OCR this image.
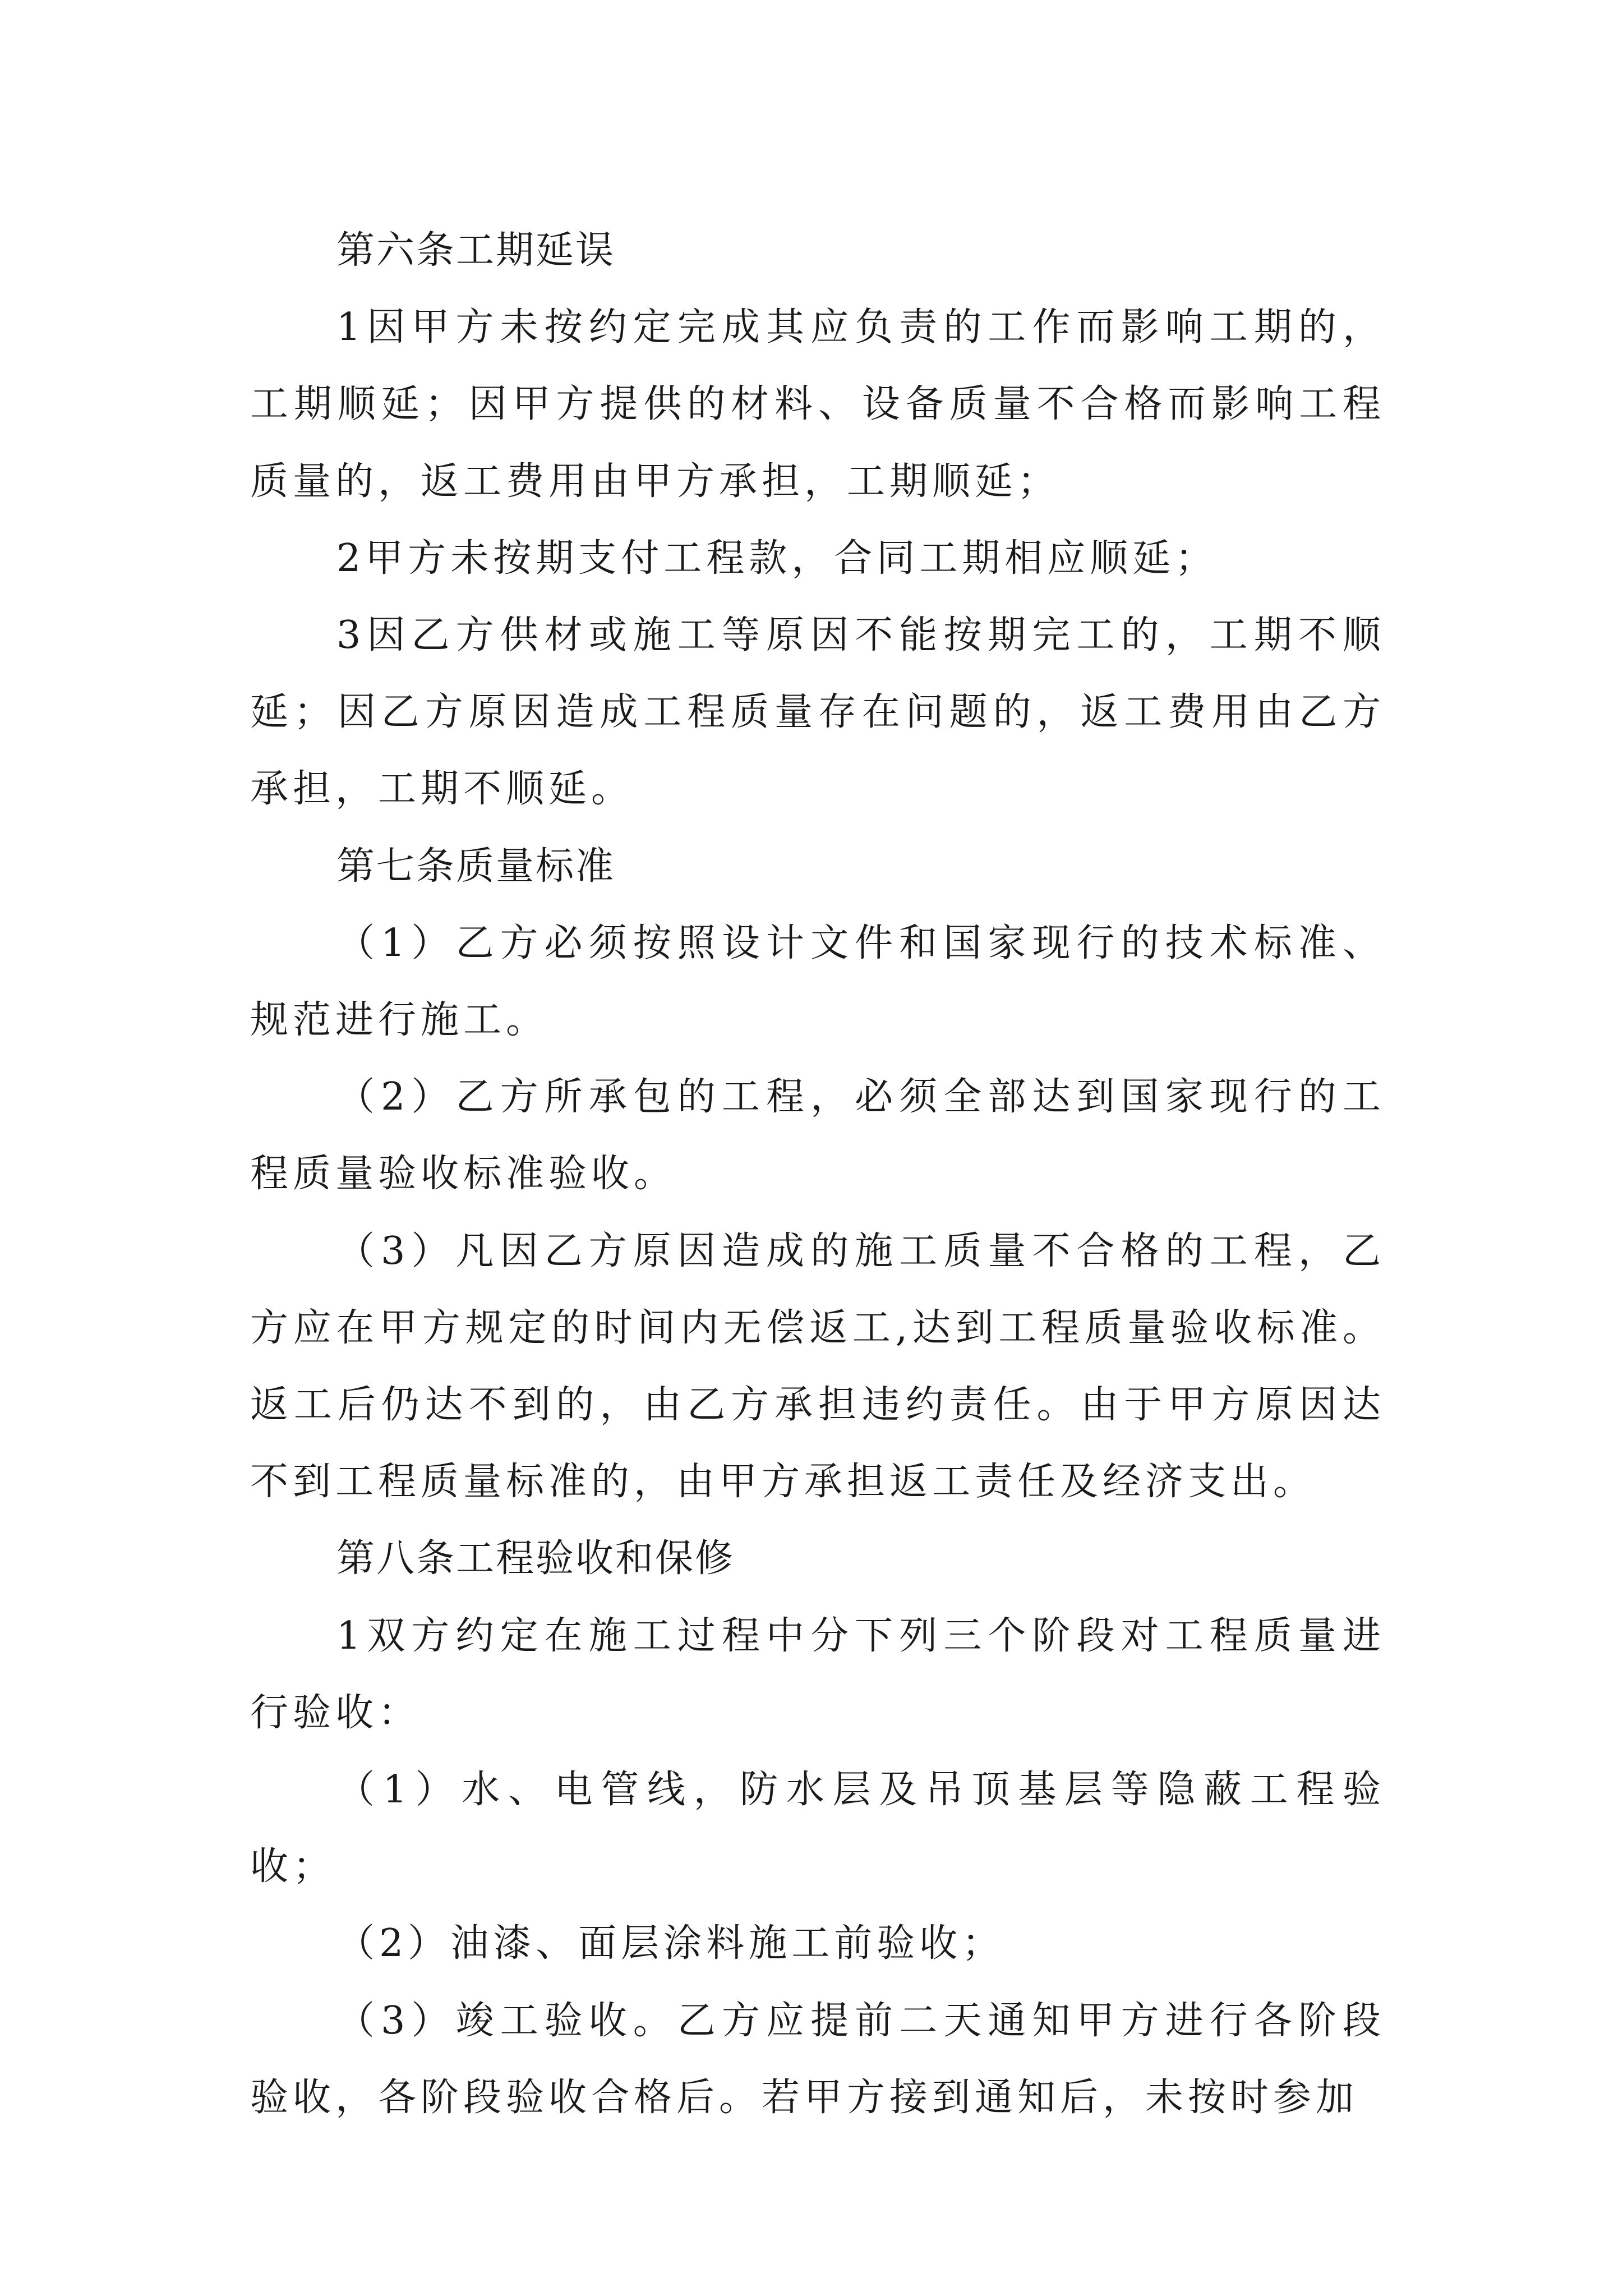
第六条工期延误

1因甲方未按约定完成其应负责的工作而影响工期的，工期顺延；因甲方提供的材料、设备质量不合格而影响工程质量的，返工费用由甲方承担，工期顺延；

2甲方未按期支付工程款，合同工期相应顺延；

3因乙方供材或施工等原因不能按期完工的，工期不顺延；因乙方原因造成工程质量存在问题的，返工费用由乙方承担，工期不顺延。

第七条质量标准

（1）乙方必须按照设计文件和国家现行的技术标准、规范进行施工。

（2）乙方所承包的工程，必须全部达到国家现行的工程质量验收标准验收。

（3）凡因乙方原因造成的施工质量不合格的工程，乙方应在甲方规定的时间内无偿返工,达到工程质量验收标准。返工后仍达不到的，由乙方承担违约责任。由于甲方原因达不到工程质量标准的，由甲方承担返工责任及经济支出。

第八条工程验收和保修

1双方约定在施工过程中分下列三个阶段对工程质量进行验收：

（1）水、电管线，防水层及吊顶基层等隐蔽工程验收；

（2）油漆、面层涂料施工前验收；

（3）竣工验收。乙方应提前二天通知甲方进行各阶段验收，各阶段验收合格后。若甲方接到通知后，未按时参加
